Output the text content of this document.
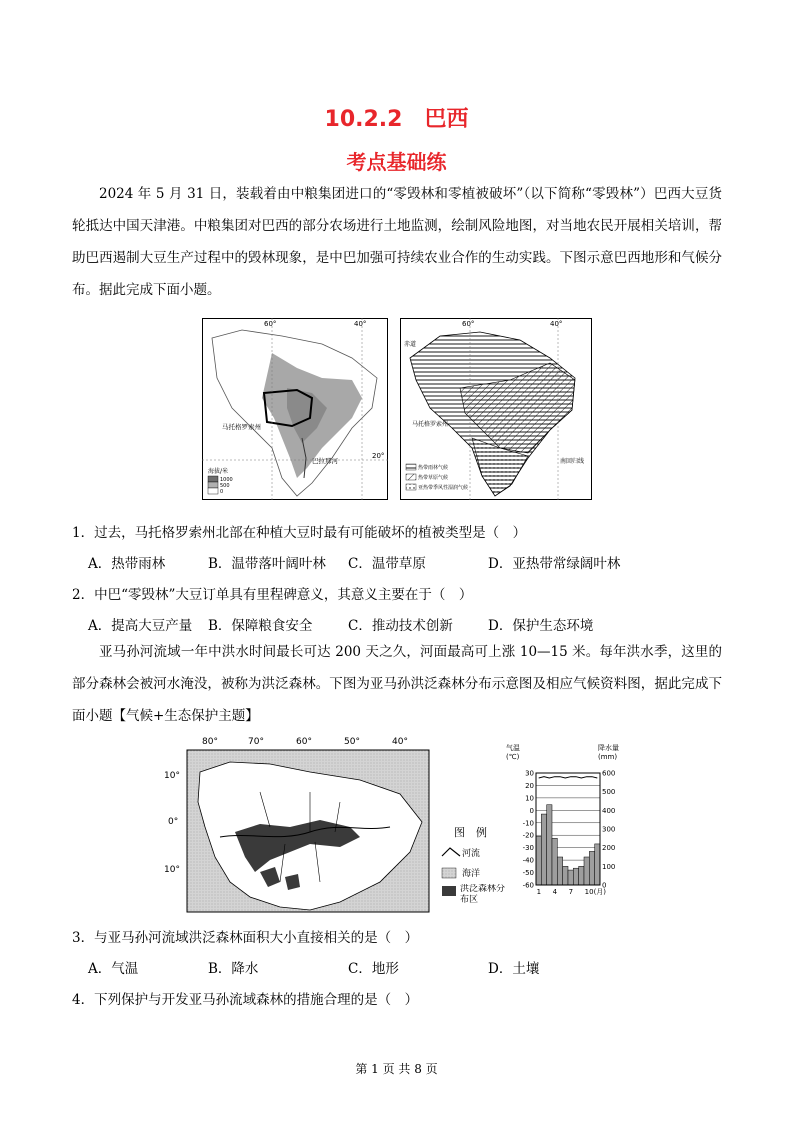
10.2.2　巴西
考点基础练
2024 年 5 月 31 日，装载着由中粮集团进口的“零毁林和零植被破坏”（以下简称“零毁林”）巴西大豆货轮抵达中国天津港。中粮集团对巴西的部分农场进行土地监测，绘制风险地图，对当地农民开展相关培训，帮助巴西遏制大豆生产过程中的毁林现象，是中巴加强可持续农业合作的生动实践。下图示意巴西地形和气候分布。据此完成下面小题。
60°	40°
20°
马托格罗索州
巴拉那河
海拔/米
1000
500
0
60°	40°
赤道
马托格罗索州
南回归线
热带雨林气候
热带草原气候
亚热带季风性湿润气候
1．过去，马托格罗索州北部在种植大豆时最有可能破坏的植被类型是（　）
A．热带雨林	B．温带落叶阔叶林 C．温带草原	D．亚热带常绿阔叶林
2．中巴“零毁林”大豆订单具有里程碑意义，其意义主要在于（　）
A．提高大豆产量 B．保障粮食安全	C．推动技术创新	D．保护生态环境
亚马孙河流域一年中洪水时间最长可达 200 天之久，河面最高可上涨 10—15 米。每年洪水季，这里的部分森林会被河水淹没，被称为洪泛森林。下图为亚马孙洪泛森林分布示意图及相应气候资料图，据此完成下面小题【气候+生态保护主题】
80°	70°	60°	50°	40°
10°
0°
10°
图　例
河流
海洋
洪泛森林分布区
气温(℃)
降水量(mm)
30
20
10
0
-10
-20
-30
-40
-50
-60
600
500
400
300
200
100
0
1 4 7 10(月)
3．与亚马孙河流域洪泛森林面积大小直接相关的是（　）
A．气温	B．降水	C．地形	D．土壤
4．下列保护与开发亚马孙流域森林的措施合理的是（　）
第 1 页 共 8 页
